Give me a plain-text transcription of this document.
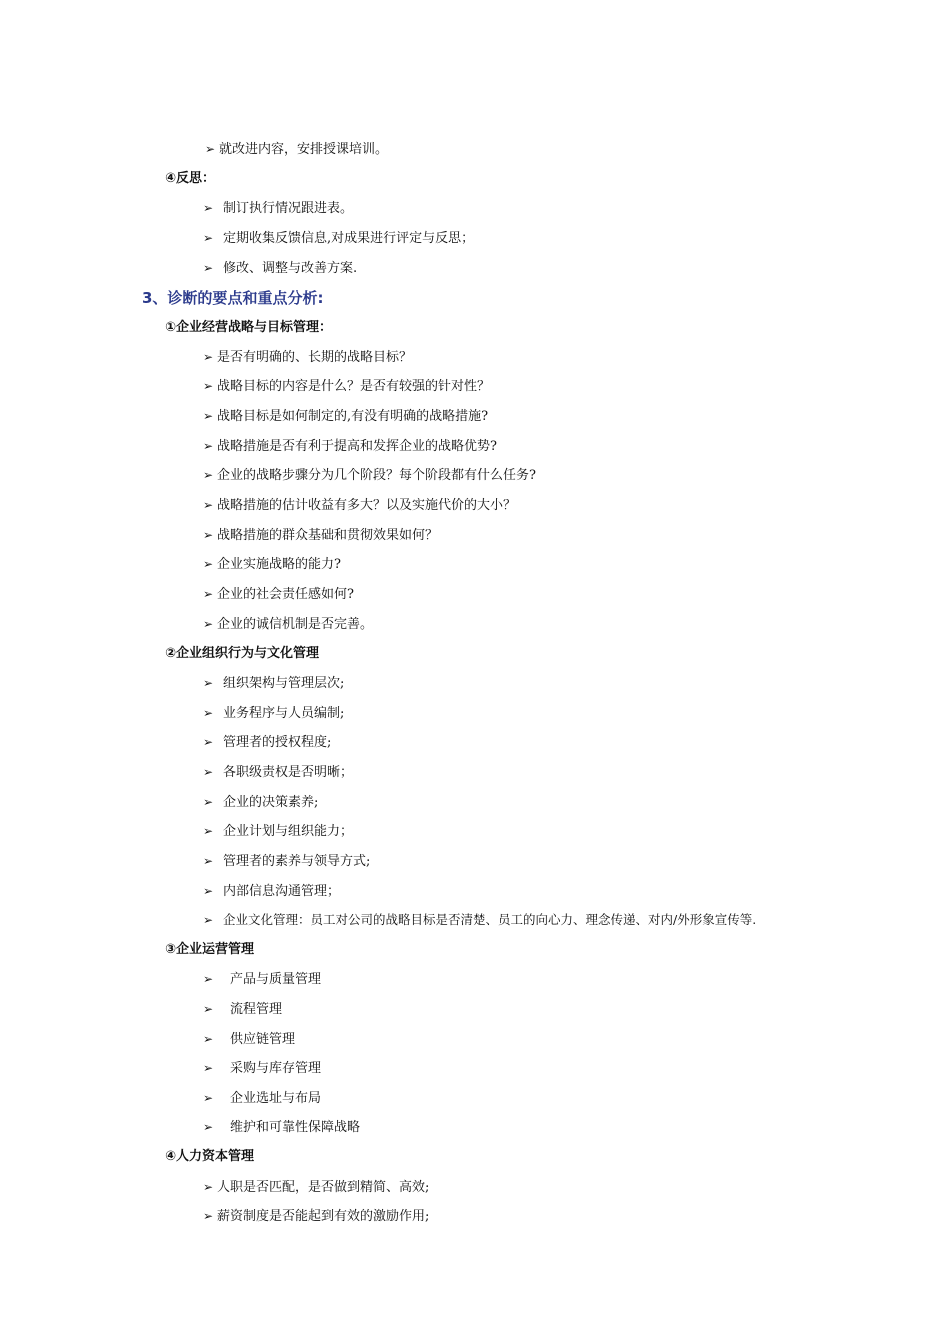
➢ 就改进内容，安排授课培训。
④反思：
➢ 制订执行情况跟进表。
➢ 定期收集反馈信息,对成果进行评定与反思；
➢ 修改、调整与改善方案.
3、诊断的要点和重点分析:
①企业经营战略与目标管理：
➢ 是否有明确的、长期的战略目标？
➢ 战略目标的内容是什么？是否有较强的针对性？
➢ 战略目标是如何制定的,有没有明确的战略措施?
➢ 战略措施是否有利于提高和发挥企业的战略优势?
➢ 企业的战略步骤分为几个阶段？每个阶段都有什么任务?
➢ 战略措施的估计收益有多大？以及实施代价的大小？
➢ 战略措施的群众基础和贯彻效果如何？
➢ 企业实施战略的能力?
➢ 企业的社会责任感如何?
➢ 企业的诚信机制是否完善。
②企业组织行为与文化管理
➢ 组织架构与管理层次;
➢ 业务程序与人员编制;
➢ 管理者的授权程度;
➢ 各职级责权是否明晰；
➢ 企业的决策素养;
➢ 企业计划与组织能力；
➢ 管理者的素养与领导方式;
➢ 内部信息沟通管理；
➢ 企业文化管理：员工对公司的战略目标是否清楚、员工的向心力、理念传递、对内/外形象宣传等.
③企业运营管理
➢ 产品与质量管理
➢ 流程管理
➢ 供应链管理
➢ 采购与库存管理
➢ 企业选址与布局
➢ 维护和可靠性保障战略
④人力资本管理
➢ 人职是否匹配，是否做到精简、高效;
➢ 薪资制度是否能起到有效的激励作用;
